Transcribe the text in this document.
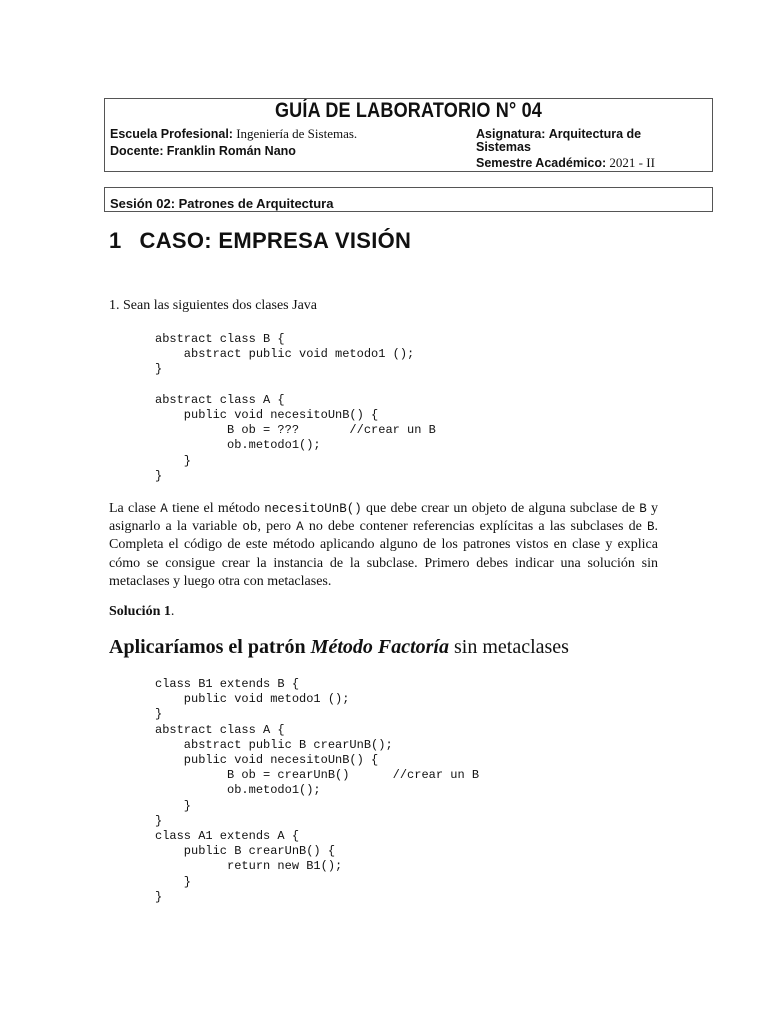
GUÍA DE LABORATORIO N° 04
Escuela Profesional: Ingeniería de Sistemas.
Docente: Franklin Román Nano
Asignatura: Arquitectura de
Sistemas
Semestre Académico: 2021 - II
Sesión 02: Patrones de Arquitectura
1 CASO: EMPRESA VISIÓN
1. Sean las siguientes dos clases Java
abstract class B {
abstract public void metodo1 ();
}

abstract class A {
public void necesitoUnB() {
B ob = ???       //crear un B
ob.metodo1();
}
}
La clase A tiene el método necesitoUnB() que debe crear un objeto de alguna subclase de B y asignarlo a la variable ob, pero A no debe contener referencias explícitas a las subclases de B. Completa el código de este método aplicando alguno de los patrones vistos en clase y explica cómo se consigue crear la instancia de la subclase. Primero debes indicar una solución sin metaclases y luego otra con metaclases.
Solución 1.
Aplicaríamos el patrón Método Factoría sin metaclases
class B1 extends B {
public void metodo1 ();
}
abstract class A {
abstract public B crearUnB();
public void necesitoUnB() {
B ob = crearUnB()      //crear un B
ob.metodo1();
}
}
class A1 extends A {
public B crearUnB() {
return new B1();
}
}
